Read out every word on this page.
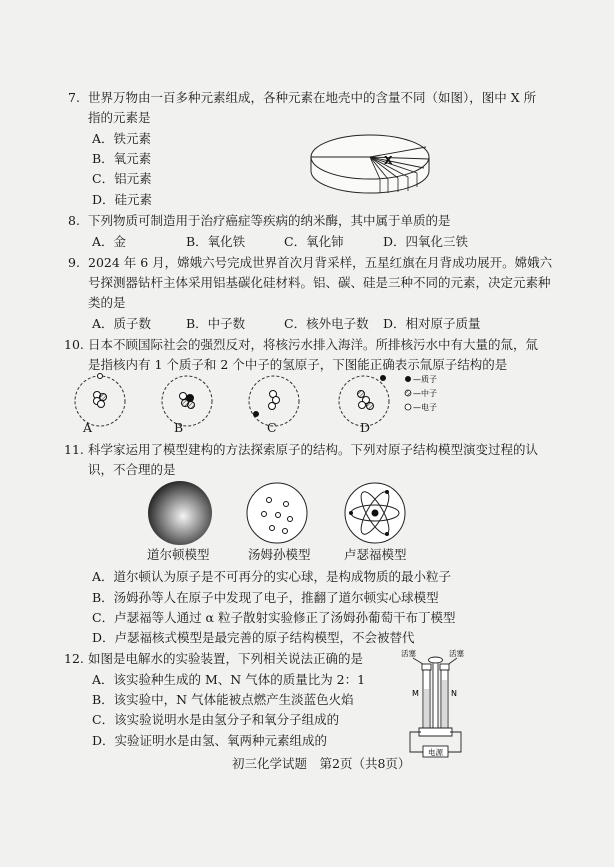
7. 世界万物由一百多种元素组成，各种元素在地壳中的含量不同（如图），图中 X 所
指的元素是
A．铁元素
B．氧元素
C．铝元素
D．硅元素
X
8. 下列物质可制造用于治疗癌症等疾病的纳米酶，其中属于单质的是
A．金	B．氧化铁	C．氧化铈	D．四氧化三铁
9. 2024 年 6 月，嫦娥六号完成世界首次月背采样，五星红旗在月背成功展开。嫦娥六
号探测器钻杆主体采用铝基碳化硅材料。铝、碳、硅是三种不同的元素，决定元素种
类的是
A．质子数	B．中子数	C．核外电子数 D．相对原子质量
10. 日本不顾国际社会的强烈反对，将核污水排入海洋。所排核污水中有大量的氚，氚
是指核内有 1 个质子和 2 个中子的氢原子，下图能正确表示氚原子结构的是
—质子
—中子
—电子
A	B	C	D
11. 科学家运用了模型建构的方法探索原子的结构。下列对原子结构模型演变过程的认
识，不合理的是
道尔顿模型	汤姆孙模型	卢瑟福模型
A．道尔顿认为原子是不可再分的实心球，是构成物质的最小粒子
B．汤姆孙等人在原子中发现了电子，推翻了道尔顿实心球模型
C．卢瑟福等人通过 α 粒子散射实验修正了汤姆孙葡萄干布丁模型
D．卢瑟福核式模型是最完善的原子结构模型，不会被替代
12. 如图是电解水的实验装置，下列相关说法正确的是
A．该实验种生成的 M、N 气体的质量比为 2：1
B．该实验中，N 气体能被点燃产生淡蓝色火焰
C．该实验说明水是由氢分子和氧分子组成的
D．实验证明水是由氢、氧两种元素组成的
活塞	活塞
M	N
电源
初三化学试题　第2页（共8页）
